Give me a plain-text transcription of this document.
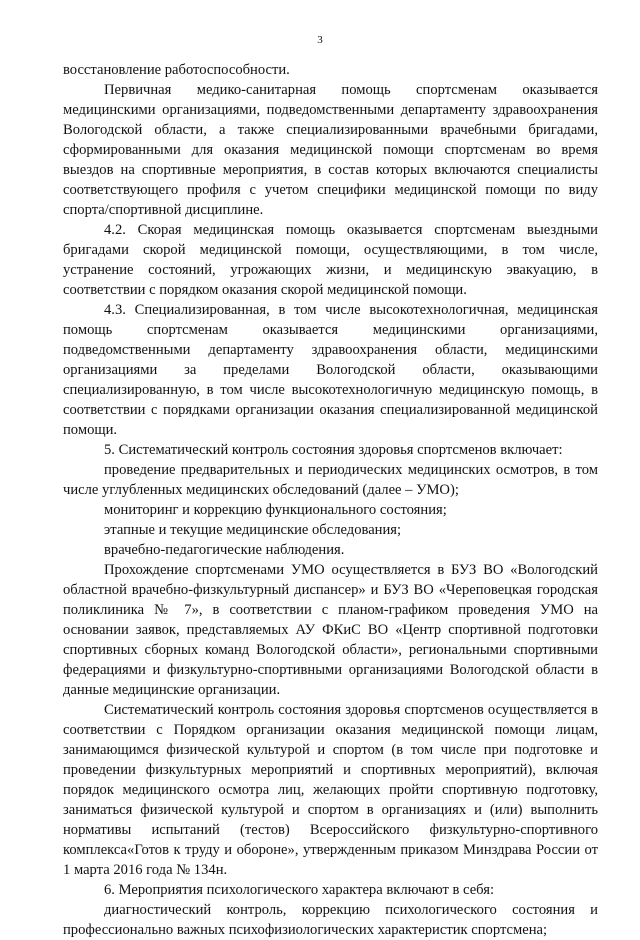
3

восстановление работоспособности.

Первичная медико-санитарная помощь спортсменам оказывается медицинскими организациями, подведомственными департаменту здравоохранения Вологодской области, а также специализированными врачебными бригадами, сформированными для оказания медицинской помощи спортсменам во время выездов на спортивные мероприятия, в состав которых включаются специалисты соответствующего профиля с учетом специфики медицинской помощи по виду спорта/спортивной дисциплине.

4.2. Скорая медицинская помощь оказывается спортсменам выездными бригадами скорой медицинской помощи, осуществляющими, в том числе, устранение состояний, угрожающих жизни, и медицинскую эвакуацию, в соответствии с порядком оказания скорой медицинской помощи.

4.3. Специализированная, в том числе высокотехнологичная, медицинская помощь спортсменам оказывается медицинскими организациями, подведомственными департаменту здравоохранения области, медицинскими организациями за пределами Вологодской области, оказывающими специализированную, в том числе высокотехнологичную медицинскую помощь, в соответствии с порядками организации оказания специализированной медицинской помощи.

5. Систематический контроль состояния здоровья спортсменов включает:

проведение предварительных и периодических медицинских осмотров, в том числе углубленных медицинских обследований (далее – УМО);

мониторинг и коррекцию функционального состояния;

этапные и текущие медицинские обследования;

врачебно-педагогические наблюдения.

Прохождение спортсменами УМО осуществляется в БУЗ ВО «Вологодский областной врачебно-физкультурный диспансер» и БУЗ ВО «Череповецкая городская поликлиника № 7», в соответствии с планом-графиком проведения УМО на основании заявок, представляемых АУ ФКиС ВО «Центр спортивной подготовки спортивных сборных команд Вологодской области», региональными спортивными федерациями и физкультурно-спортивными организациями Вологодской области в данные медицинские организации.

Систематический контроль состояния здоровья спортсменов осуществляется в соответствии с Порядком организации оказания медицинской помощи лицам, занимающимся физической культурой и спортом (в том числе при подготовке и проведении физкультурных мероприятий и спортивных мероприятий), включая порядок медицинского осмотра лиц, желающих пройти спортивную подготовку, заниматься физической культурой и спортом в организациях и (или) выполнить нормативы испытаний (тестов) Всероссийского физкультурно-спортивного комплекса«Готов к труду и обороне», утвержденным приказом Минздрава России от 1 марта 2016 года № 134н.

6. Мероприятия психологического характера включают в себя:

диагностический контроль, коррекцию психологического состояния и профессионально важных психофизиологических характеристик спортсмена;
